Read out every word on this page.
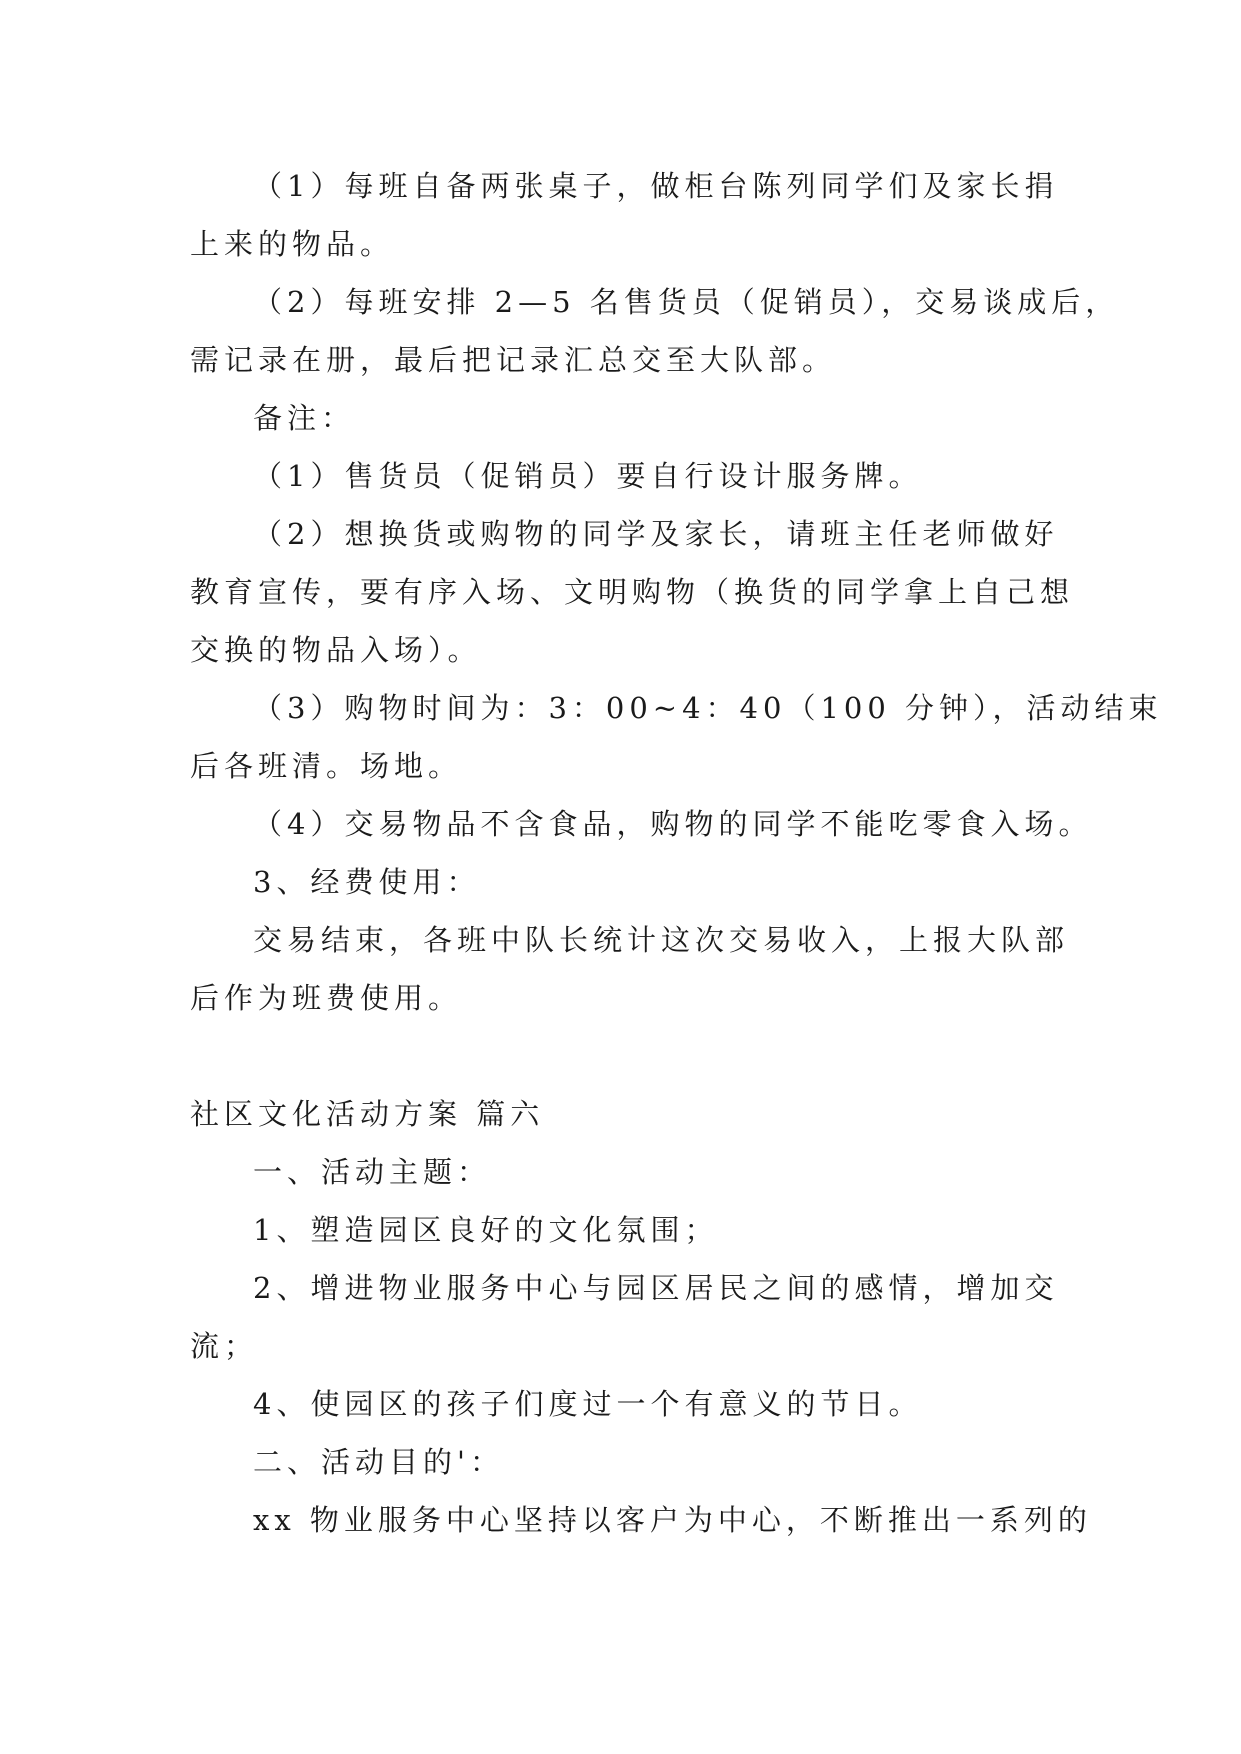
（1）每班自备两张桌子，做柜台陈列同学们及家长捐
上来的物品。
（2）每班安排 2—5 名售货员（促销员），交易谈成后，
需记录在册，最后把记录汇总交至大队部。
备注：
（1）售货员（促销员）要自行设计服务牌。
（2）想换货或购物的同学及家长，请班主任老师做好
教育宣传，要有序入场、文明购物（换货的同学拿上自己想
交换的物品入场）。
（3）购物时间为：3：00~4：40（100 分钟），活动结束
后各班清。场地。
（4）交易物品不含食品，购物的同学不能吃零食入场。
3、经费使用：
交易结束，各班中队长统计这次交易收入，上报大队部
后作为班费使用。
社区文化活动方案 篇六
一、活动主题：
1、塑造园区良好的文化氛围；
2、增进物业服务中心与园区居民之间的感情，增加交
流；
4、使园区的孩子们度过一个有意义的节日。
二、活动目的'：
xx 物业服务中心坚持以客户为中心，不断推出一系列的
